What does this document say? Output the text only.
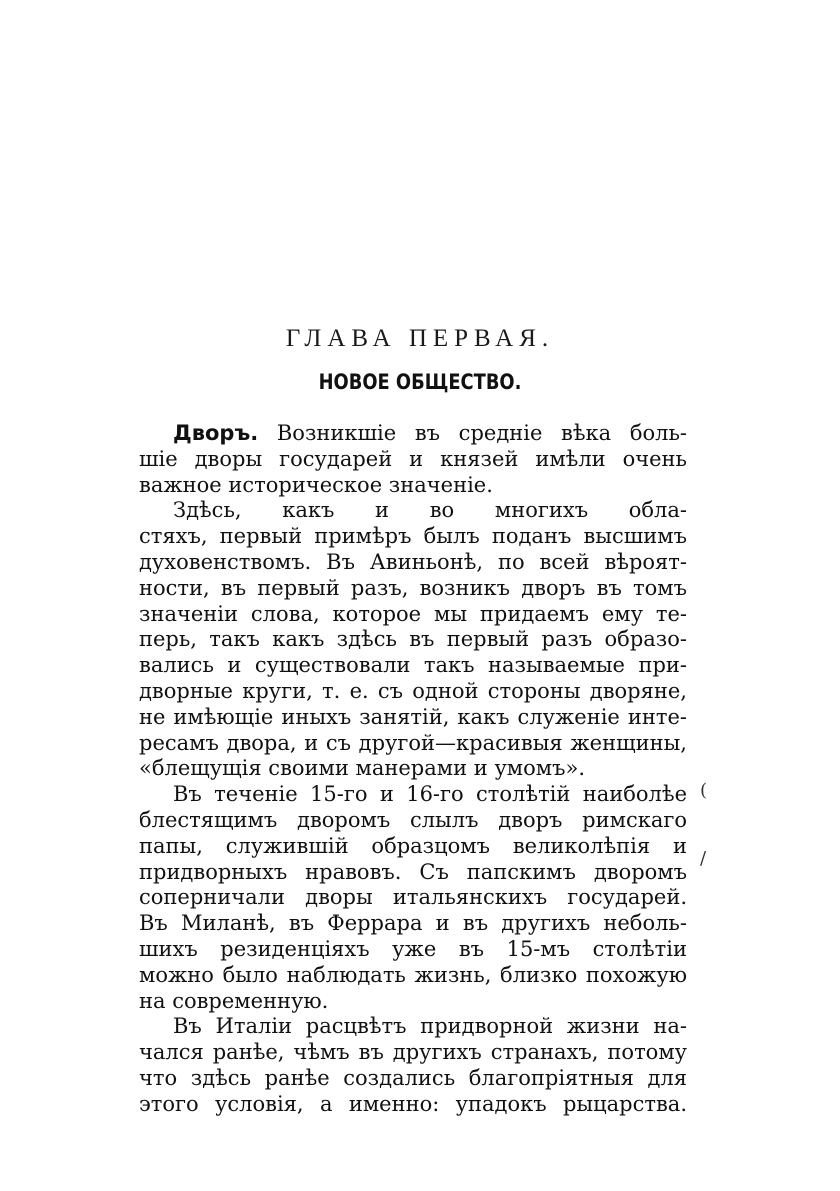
ГЛАВА ПЕРВАЯ.
НОВОЕ ОБЩЕСТВО.
Дворъ. Возникшiе въ среднiе вѣка боль-
шiе дворы государей и князей имѣли очень
важное историческое значенiе.
Здѣсь, какъ и во многихъ обла-
стяхъ, первый примѣръ былъ поданъ высшимъ
духовенствомъ. Въ Авиньонѣ, по всей вѣроят-
ности, въ первый разъ, возникъ дворъ въ томъ
значенiи слова, которое мы придаемъ ему те-
перь, такъ какъ здѣсь въ первый разъ образо-
вались и существовали такъ называемые при-
дворные круги, т. е. съ одной стороны дворяне,
не имѣющiе иныхъ занятiй, какъ служенiе инте-
ресамъ двора, и съ другой—красивыя женщины,
«блещущiя своими манерами и умомъ».
Въ теченiе 15-го и 16-го столѣтiй наиболѣе
блестящимъ дворомъ слылъ дворъ римскаго
папы, служившiй образцомъ великолѣпiя и
придворныхъ нравовъ. Съ папскимъ дворомъ
соперничали дворы итальянскихъ государей.
Въ Миланѣ, въ Феррара и въ другихъ неболь-
шихъ резиденцiяхъ уже въ 15-мъ столѣтiи
можно было наблюдать жизнь, близко похожую
на современную.
Въ Италiи расцвѣтъ придворной жизни на-
чался ранѣе, чѣмъ въ другихъ странахъ, потому
что здѣсь ранѣе создались благопрiятныя для
этого условiя, а именно: упадокъ рыцарства.
(
/
